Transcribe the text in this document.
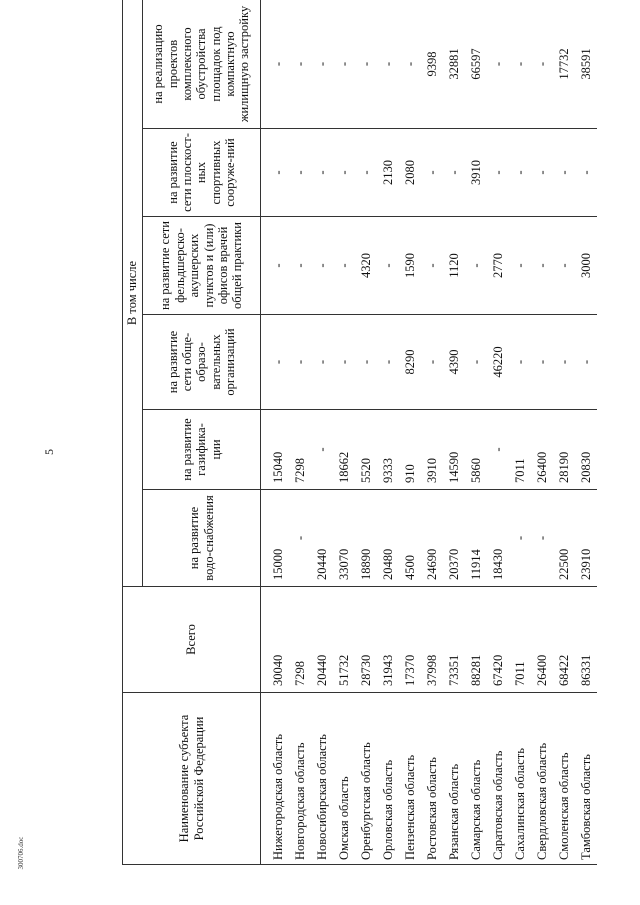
5
Наименование субъекта Российской Федерации	Всего	В том числе					
		на развитие водо-снабжения	на развитие газифика-ции	на развитие сети обще-образо-вательных организаций	на развитие сети фельдшерско-акушерских пунктов и (или) офисов врачей общей практики	на развитие сети плоскост-ных спортивных сооруже-ний	на реализацию проектов комплексного обустройства площадок под компактную жилищную застройку
Нижегородская область	30040	15000	15040	-	-	-	-
Новгородская область	7298	-	7298	-	-	-	-
Новосибирская область	20440	20440	-	-	-	-	-
Омская область	51732	33070	18662	-	-	-	-
Оренбургская область	28730	18890	5520	-	4320	-	-
Орловская область	31943	20480	9333	-	-	2130	-
Пензенская область	17370	4500	910	8290	1590	2080	-
Ростовская область	37998	24690	3910	-	-	-	9398
Рязанская область	73351	20370	14590	4390	1120	-	32881
Самарская область	88281	11914	5860	-	-	3910	66597
Саратовская область	67420	18430	-	46220	2770	-	-
Сахалинская область	7011	-	7011	-	-	-	-
Свердловская область	26400	-	26400	-	-	-	-
Смоленская область	68422	22500	28190	-	-	-	17732
Тамбовская область	86331	23910	20830	-	3000	-	38591
300706.doc
